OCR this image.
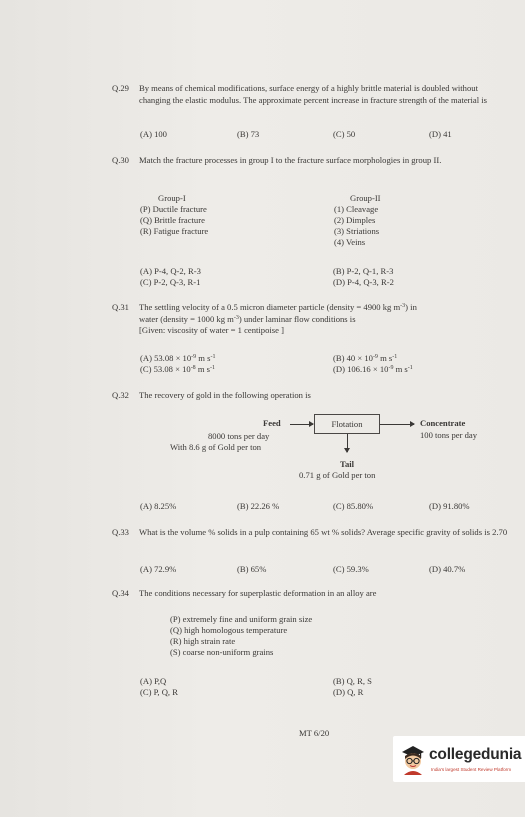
Q.29 By means of chemical modifications, surface energy of a highly brittle material is doubled without changing the elastic modulus. The approximate percent increase in fracture strength of the material is
(A) 100	(B) 73	(C) 50	(D) 41
Q.30 Match the fracture processes in group I to the fracture surface morphologies in group II.
Group-I
(P) Ductile fracture
(Q) Brittle fracture
(R) Fatigue fracture
Group-II
(1) Cleavage
(2) Dimples
(3) Striations
(4) Veins
(A) P-4, Q-2, R-3	(B) P-2, Q-1, R-3
(C) P-2, Q-3, R-1	(D) P-4, Q-3, R-2
Q.31 The settling velocity of a 0.5 micron diameter particle (density = 4900 kg $m^{-3}$) in
water (density = 1000 kg $m^{-3}$) under laminar flow conditions is
[Given: viscosity of water = 1 centipoise ]
(A) $53.08 \times 10^{-9}$ m $s^{-1}$	(B) $40 \times 10^{-9}$ m $s^{-1}$
(C) $53.08 \times 10^{-8}$ m $s^{-1}$	(D) $106.16 \times 10^{-9}$ m $s^{-1}$
Q.32 The recovery of gold in the following operation is
Feed	Flotation	Concentrate
100 tons per day
8000 tons per day
With 8.6 g of Gold per ton
Tail
0.71 g of Gold per ton
(A) 8.25%	(B) 22.26 %	(C) 85.80%	(D) 91.80%
Q.33 What is the volume % solids in a pulp containing 65 wt % solids? Average specific gravity of solids is 2.70
(A) 72.9%	(B) 65%	(C) 59.3%	(D) 40.7%
Q.34 The conditions necessary for superplastic deformation in an alloy are
(P) extremely fine and uniform grain size
(Q) high homologous temperature
(R) high strain rate
(S) coarse non-uniform grains
(A) P,Q	(B) Q, R, S
(C) P, Q, R	(D) Q, R
MT 6/20
collegedunia
India's largest Student Review Platform
